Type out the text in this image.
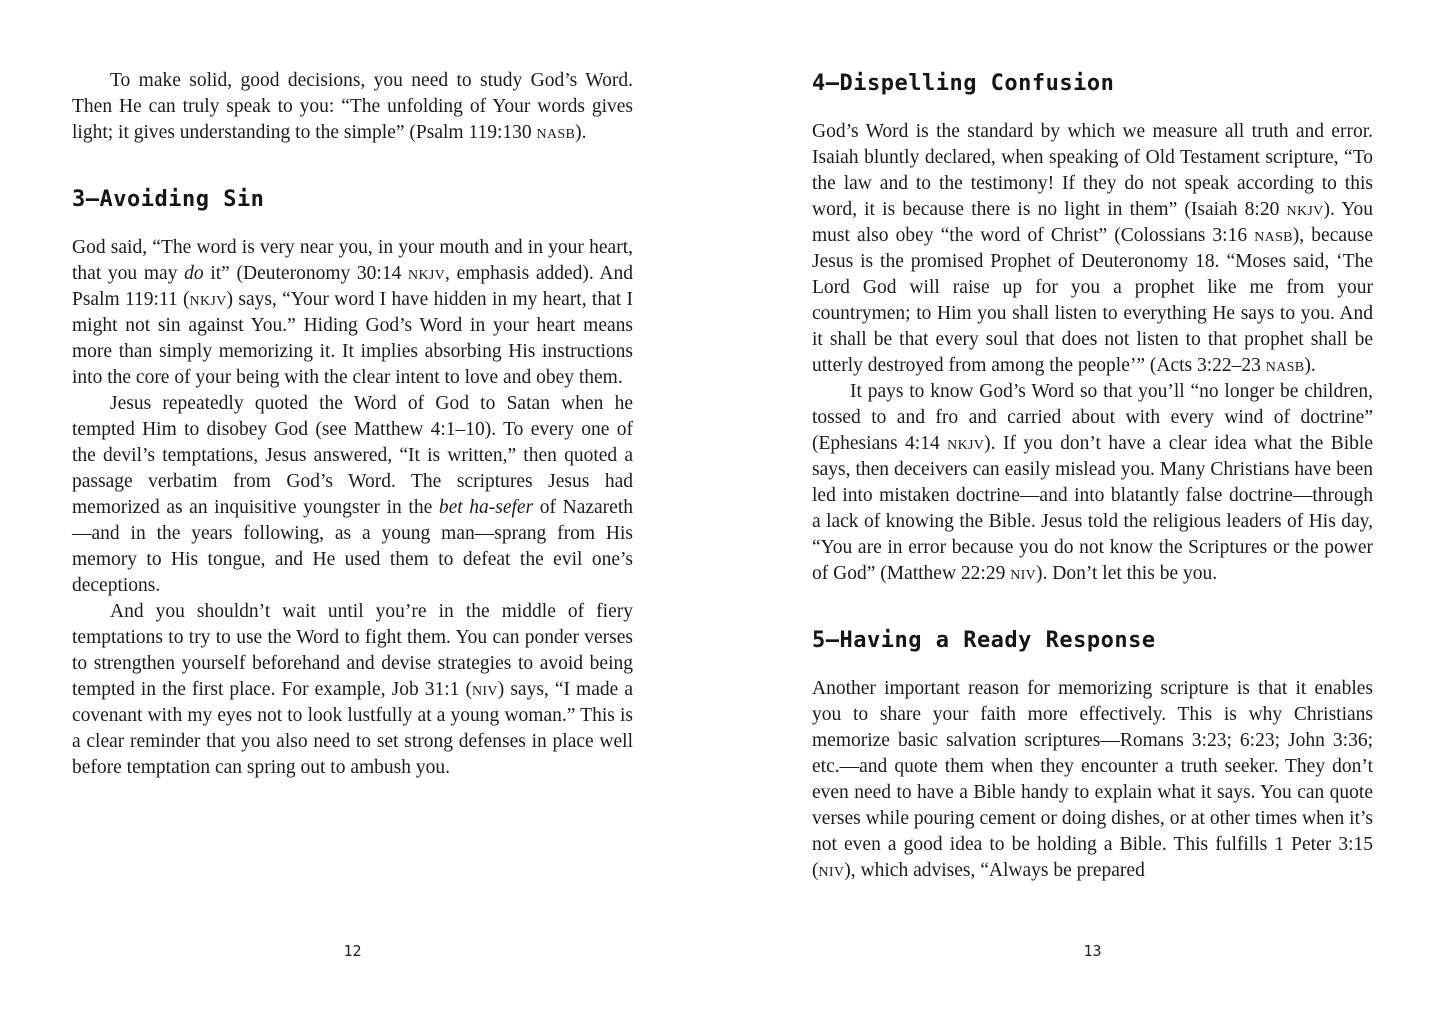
To make solid, good decisions, you need to study God’s Word. Then He can truly speak to you: “The unfolding of Your words gives light; it gives understanding to the simple” (Psalm 119:130 nasb).

3—Avoiding Sin

God said, “The word is very near you, in your mouth and in your heart, that you may do it” (Deuteronomy 30:14 nkjv, emphasis added). And Psalm 119:11 (nkjv) says, “Your word I have hidden in my heart, that I might not sin against You.” Hiding God’s Word in your heart means more than simply memorizing it. It implies absorbing His instructions into the core of your being with the clear intent to love and obey them.

Jesus repeatedly quoted the Word of God to Satan when he tempted Him to disobey God (see Matthew 4:1–10). To every one of the devil’s temptations, Jesus answered, “It is written,” then quoted a passage verbatim from God’s Word. The scriptures Jesus had memorized as an inquisitive youngster in the bet ha-sefer of Nazareth—and in the years following, as a young man—sprang from His memory to His tongue, and He used them to defeat the evil one’s deceptions.

And you shouldn’t wait until you’re in the middle of fiery temptations to try to use the Word to fight them. You can ponder verses to strengthen yourself beforehand and devise strategies to avoid being tempted in the first place. For example, Job 31:1 (niv) says, “I made a covenant with my eyes not to look lustfully at a young woman.” This is a clear reminder that you also need to set strong defenses in place well before temptation can spring out to ambush you.

12
4—Dispelling Confusion

God’s Word is the standard by which we measure all truth and error. Isaiah bluntly declared, when speaking of Old Testament scripture, “To the law and to the testimony! If they do not speak according to this word, it is because there is no light in them” (Isaiah 8:20 nkjv). You must also obey “the word of Christ” (Colossians 3:16 nasb), because Jesus is the promised Prophet of Deuteronomy 18. “Moses said, ‘The Lord God will raise up for you a prophet like me from your countrymen; to Him you shall listen to everything He says to you. And it shall be that every soul that does not listen to that prophet shall be utterly destroyed from among the people’” (Acts 3:22–23 nasb).

It pays to know God’s Word so that you’ll “no longer be children, tossed to and fro and carried about with every wind of doctrine” (Ephesians 4:14 nkjv). If you don’t have a clear idea what the Bible says, then deceivers can easily mislead you. Many Christians have been led into mistaken doctrine—and into blatantly false doctrine—through a lack of knowing the Bible. Jesus told the religious leaders of His day, “You are in error because you do not know the Scriptures or the power of God” (Matthew 22:29 niv). Don’t let this be you.

5—Having a Ready Response

Another important reason for memorizing scripture is that it enables you to share your faith more effectively. This is why Christians memorize basic salvation scriptures—Romans 3:23; 6:23; John 3:36; etc.—and quote them when they encounter a truth seeker. They don’t even need to have a Bible handy to explain what it says. You can quote verses while pouring cement or doing dishes, or at other times when it’s not even a good idea to be holding a Bible. This fulfills 1 Peter 3:15 (niv), which advises, “Always be prepared

13
